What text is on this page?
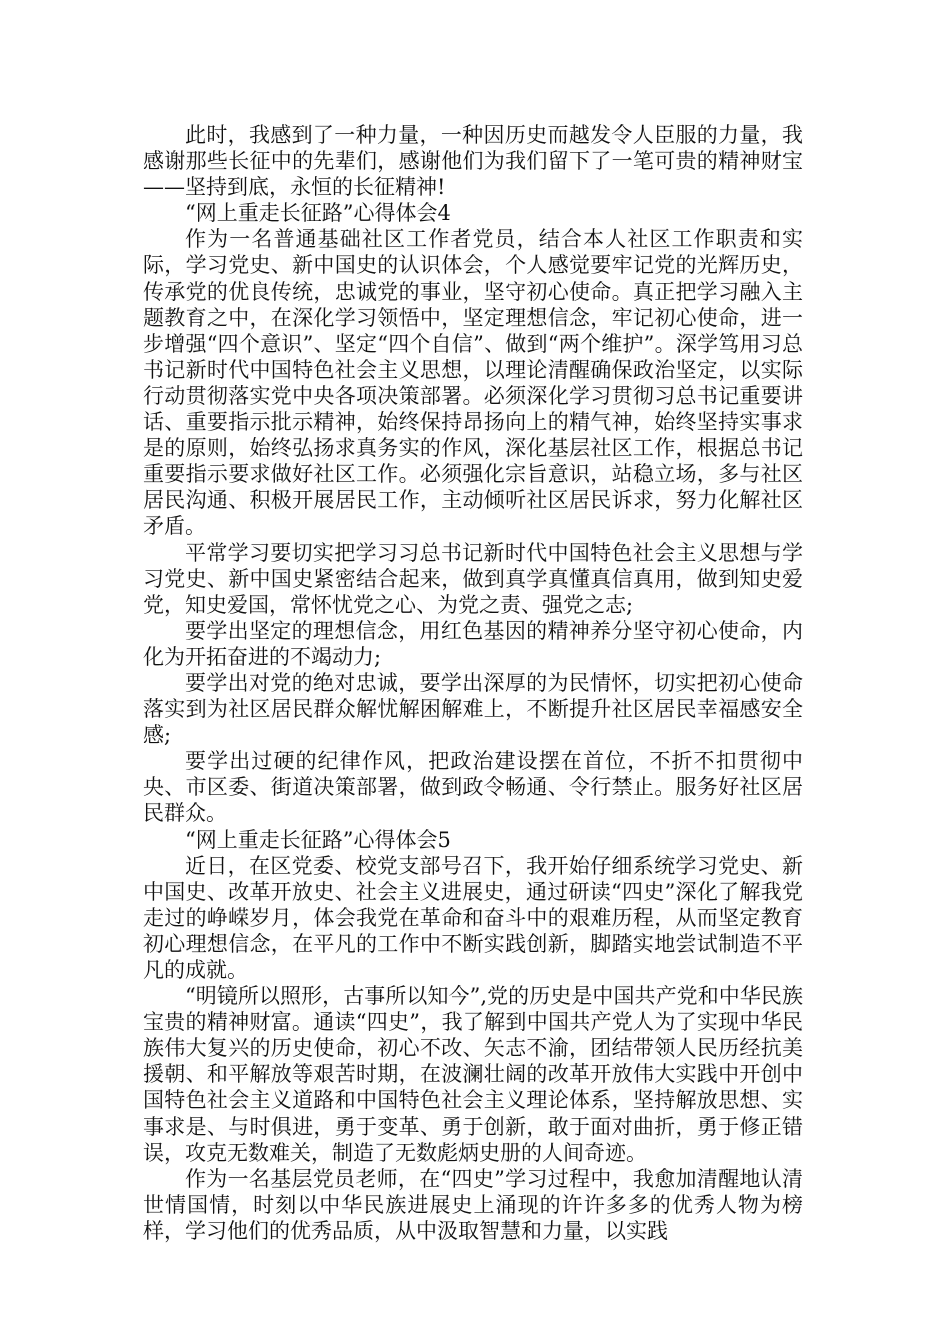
此时，我感到了一种力量，一种因历史而越发令人臣服的力量，我感谢那些长征中的先辈们，感谢他们为我们留下了一笔可贵的精神财宝——坚持到底，永恒的长征精神!

“网上重走长征路”心得体会4

作为一名普通基础社区工作者党员，结合本人社区工作职责和实际，学习党史、新中国史的认识体会，个人感觉要牢记党的光辉历史，传承党的优良传统，忠诚党的事业，坚守初心使命。真正把学习融入主题教育之中，在深化学习领悟中，坚定理想信念，牢记初心使命，进一步增强“四个意识”、坚定“四个自信”、做到“两个维护”。深学笃用习总书记新时代中国特色社会主义思想，以理论清醒确保政治坚定，以实际行动贯彻落实党中央各项决策部署。必须深化学习贯彻习总书记重要讲话、重要指示批示精神，始终保持昂扬向上的精气神，始终坚持实事求是的原则，始终弘扬求真务实的作风，深化基层社区工作，根据总书记重要指示要求做好社区工作。必须强化宗旨意识，站稳立场，多与社区居民沟通、积极开展居民工作，主动倾听社区居民诉求，努力化解社区矛盾。

平常学习要切实把学习习总书记新时代中国特色社会主义思想与学习党史、新中国史紧密结合起来，做到真学真懂真信真用，做到知史爱党，知史爱国，常怀忧党之心、为党之责、强党之志;

要学出坚定的理想信念，用红色基因的精神养分坚守初心使命，内化为开拓奋进的不竭动力;

要学出对党的绝对忠诚，要学出深厚的为民情怀，切实把初心使命落实到为社区居民群众解忧解困解难上，不断提升社区居民幸福感安全感;

要学出过硬的纪律作风，把政治建设摆在首位，不折不扣贯彻中央、市区委、街道决策部署，做到政令畅通、令行禁止。服务好社区居民群众。

“网上重走长征路”心得体会5

近日，在区党委、校党支部号召下，我开始仔细系统学习党史、新中国史、改革开放史、社会主义进展史，通过研读“四史”深化了解我党走过的峥嵘岁月，体会我党在革命和奋斗中的艰难历程，从而坚定教育初心理想信念，在平凡的工作中不断实践创新，脚踏实地尝试制造不平凡的成就。

“明镜所以照形，古事所以知今”,党的历史是中国共产党和中华民族宝贵的精神财富。通读“四史”，我了解到中国共产党人为了实现中华民族伟大复兴的历史使命，初心不改、矢志不渝，团结带领人民历经抗美援朝、和平解放等艰苦时期，在波澜壮阔的改革开放伟大实践中开创中国特色社会主义道路和中国特色社会主义理论体系，坚持解放思想、实事求是、与时俱进，勇于变革、勇于创新，敢于面对曲折，勇于修正错误，攻克无数难关，制造了无数彪炳史册的人间奇迹。

作为一名基层党员老师，在“四史”学习过程中，我愈加清醒地认清世情国情，时刻以中华民族进展史上涌现的许许多多的优秀人物为榜样，学习他们的优秀品质，从中汲取智慧和力量，以实践
